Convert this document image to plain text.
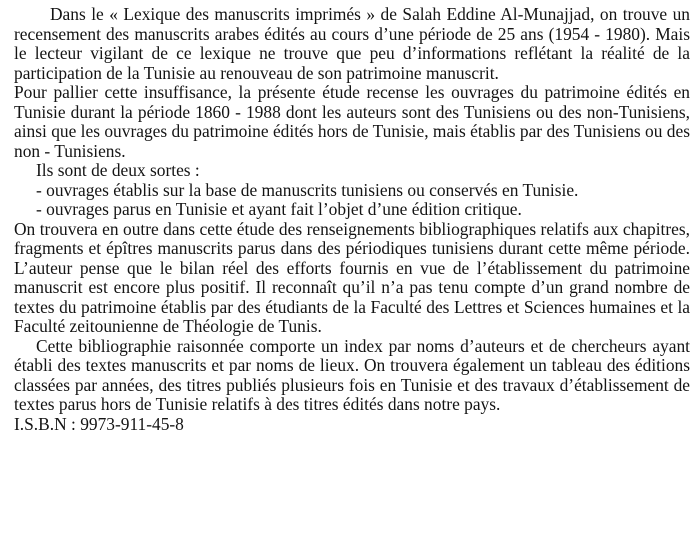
Dans le « Lexique des manuscrits imprimés » de Salah Eddine Al-Munajjad, on trouve un recensement des manuscrits arabes édités au cours d’une période de 25 ans (1954 - 1980). Mais le lecteur vigilant de ce lexique ne trouve que peu d’informations reflétant la réalité de la participation de la Tunisie au renouveau de son patrimoine manuscrit.

Pour pallier cette insuffisance, la présente étude recense les ouvrages du patrimoine édités en Tunisie durant la période 1860 - 1988 dont les auteurs sont des Tunisiens ou des non-Tunisiens, ainsi que les ouvrages du patrimoine édités hors de Tunisie, mais établis par des Tunisiens ou des non - Tunisiens.

Ils sont de deux sortes :

- ouvrages établis sur la base de manuscrits tunisiens ou conservés en Tunisie.

- ouvrages parus en Tunisie et ayant fait l’objet d’une édition critique.

On trouvera en outre dans cette étude des renseignements bibliographiques relatifs aux chapitres, fragments et épîtres manuscrits parus dans des périodiques tunisiens durant cette même période. L’auteur pense que le bilan réel des efforts fournis en vue de l’établissement du patrimoine manuscrit est encore plus positif. Il reconnaît qu’il n’a pas tenu compte d’un grand nombre de textes du patrimoine établis par des étudiants de la Faculté des Lettres et Sciences humaines et la Faculté zeitounienne de Théologie de Tunis.

Cette bibliographie raisonnée comporte un index par noms d’auteurs et de chercheurs ayant établi des textes manuscrits et par noms de lieux. On trouvera également un tableau des éditions classées par années, des titres publiés plusieurs fois en Tunisie et des travaux d’établissement de textes parus hors de Tunisie relatifs à des titres édités dans notre pays.

I.S.B.N : 9973-911-45-8
